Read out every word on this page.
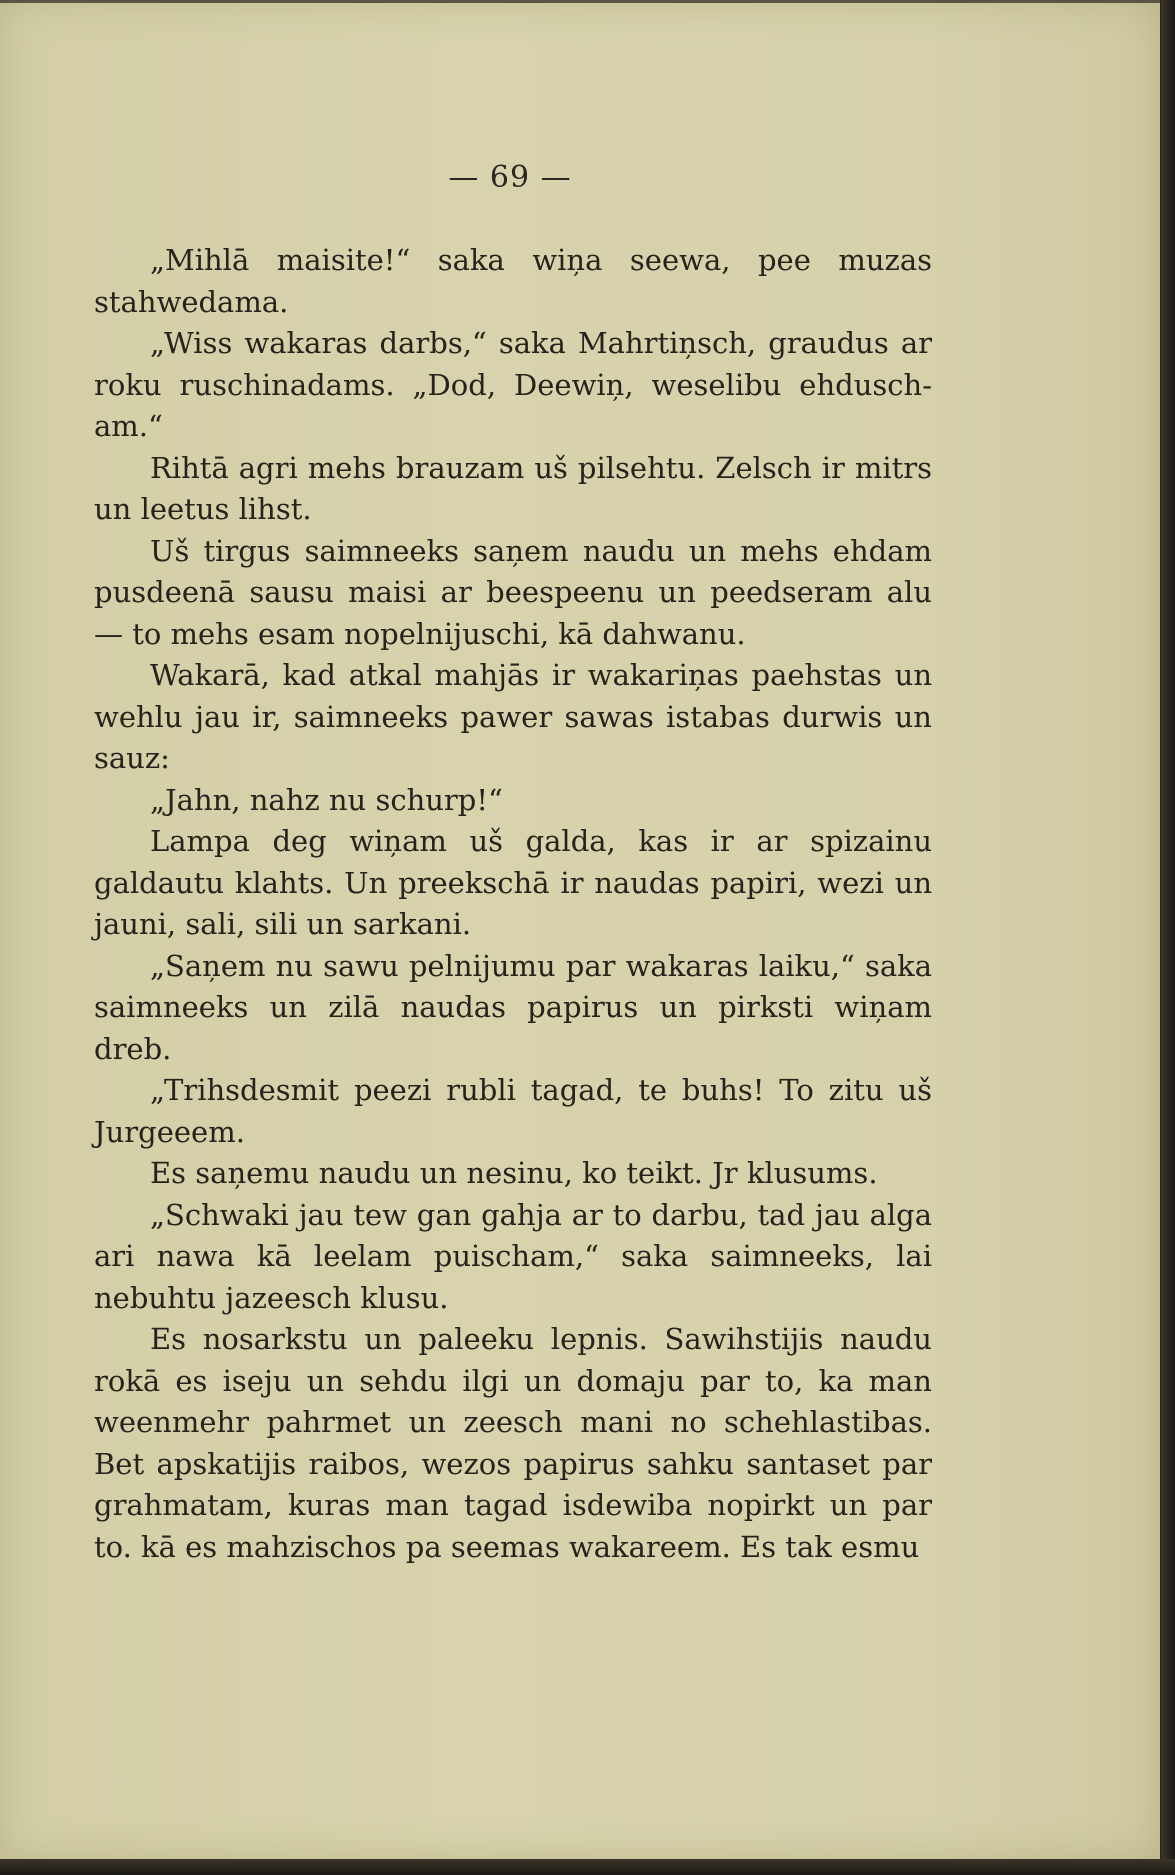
— 69 —

„Mihlā maisite!“ saka wiņa seewa, pee muzas stahwedama.

„Wiss wakaras darbs,“ saka Mahrtiņsch, graudus ar roku ruschinadams. „Dod, Deewiņ, weselibu ehduscham.“

Rihtā agri mehs brauzam uš pilsehtu. Zelsch ir mitrs un leetus lihst.

Uš tirgus saimneeks saņem naudu un mehs ehdam pusdeenā sausu maisi ar beespeenu un peedseram alu — to mehs esam nopelnijuschi, kā dahwanu.

Wakarā, kad atkal mahjās ir wakariņas paehstas un wehlu jau ir, saimneeks pawer sawas istabas durwis un sauz:

„Jahn, nahz nu schurp!“

Lampa deg wiņam uš galda, kas ir ar spizainu galdautu klahts. Un preekschā ir naudas papiri, wezi un jauni, sali, sili un sarkani.

„Saņem nu sawu pelnijumu par wakaras laiku,“ saka saimneeks un zilā naudas papirus un pirksti wiņam dreb.

„Trihsdesmit peezi rubli tagad, te buhs! To zitu uš Jurgeeem.

Es saņemu naudu un nesinu, ko teikt. Jr klusums.

„Schwaki jau tew gan gahja ar to darbu, tad jau alga ari nawa kā leelam puischam,“ saka saimneeks, lai nebuhtu jazeesch klusu.

Es nosarkstu un paleeku lepnis. Sawihstijis naudu rokā es iseju un sehdu ilgi un domaju par to, ka man weenmehr pahrmet un zeesch mani no schehlastibas. Bet apskatijis raibos, wezos papirus sahku santaset par grahmatam, kuras man tagad isdewiba nopirkt un par to. kā es mahzischos pa seemas wakareem. Es tak esmu
